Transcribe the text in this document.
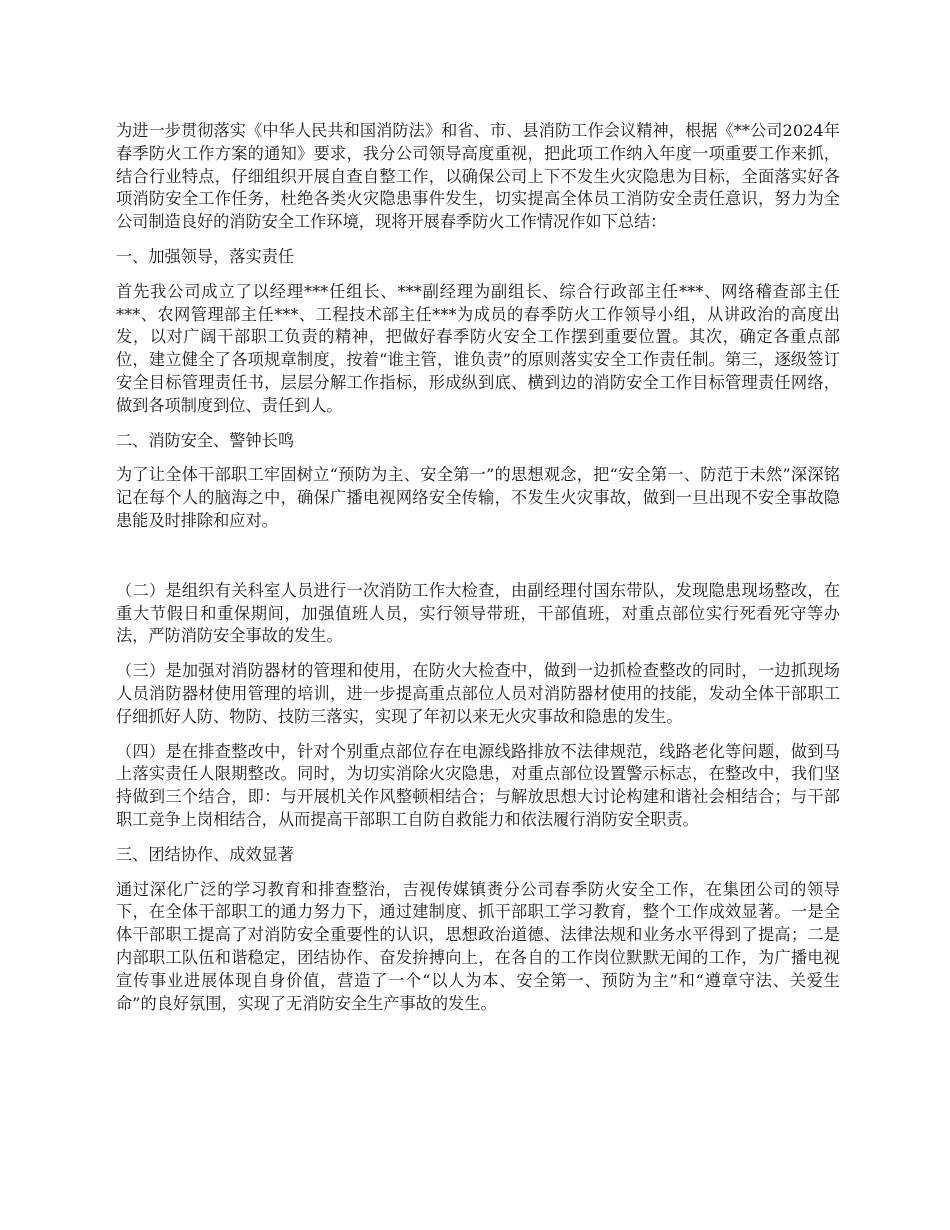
为进一步贯彻落实《中华人民共和国消防法》和省、市、县消防工作会议精神，根据《**公司2024年春季防火工作方案的通知》要求，我分公司领导高度重视，把此项工作纳入年度一项重要工作来抓，结合行业特点，仔细组织开展自查自整工作，以确保公司上下不发生火灾隐患为目标，全面落实好各项消防安全工作任务，杜绝各类火灾隐患事件发生，切实提高全体员工消防安全责任意识，努力为全公司制造良好的消防安全工作环境，现将开展春季防火工作情况作如下总结：

一、加强领导，落实责任

首先我公司成立了以经理***任组长、***副经理为副组长、综合行政部主任***、网络稽查部主任***、农网管理部主任***、工程技术部主任***为成员的春季防火工作领导小组，从讲政治的高度出发，以对广阔干部职工负责的精神，把做好春季防火安全工作摆到重要位置。其次，确定各重点部位，建立健全了各项规章制度，按着“谁主管，谁负责”的原则落实安全工作责任制。第三，逐级签订安全目标管理责任书，层层分解工作指标，形成纵到底、横到边的消防安全工作目标管理责任网络，做到各项制度到位、责任到人。

二、消防安全、警钟长鸣

为了让全体干部职工牢固树立“预防为主、安全第一”的思想观念，把“安全第一、防范于未然”深深铭记在每个人的脑海之中，确保广播电视网络安全传输，不发生火灾事故，做到一旦出现不安全事故隐患能及时排除和应对。

（二）是组织有关科室人员进行一次消防工作大检查，由副经理付国东带队，发现隐患现场整改，在重大节假日和重保期间，加强值班人员，实行领导带班，干部值班，对重点部位实行死看死守等办法，严防消防安全事故的发生。

（三）是加强对消防器材的管理和使用，在防火大检查中，做到一边抓检查整改的同时，一边抓现场人员消防器材使用管理的培训，进一步提高重点部位人员对消防器材使用的技能，发动全体干部职工仔细抓好人防、物防、技防三落实，实现了年初以来无火灾事故和隐患的发生。

（四）是在排查整改中，针对个别重点部位存在电源线路排放不法律规范，线路老化等问题，做到马上落实责任人限期整改。同时，为切实消除火灾隐患，对重点部位设置警示标志，在整改中，我们坚持做到三个结合，即：与开展机关作风整顿相结合；与解放思想大讨论构建和谐社会相结合；与干部职工竞争上岗相结合，从而提高干部职工自防自救能力和依法履行消防安全职责。

三、团结协作、成效显著

通过深化广泛的学习教育和排查整治，吉视传媒镇赉分公司春季防火安全工作，在集团公司的领导下，在全体干部职工的通力努力下，通过建制度、抓干部职工学习教育，整个工作成效显著。一是全体干部职工提高了对消防安全重要性的认识，思想政治道德、法律法规和业务水平得到了提高；二是内部职工队伍和谐稳定，团结协作、奋发拚搏向上，在各自的工作岗位默默无闻的工作，为广播电视宣传事业进展体现自身价值，营造了一个“以人为本、安全第一、预防为主”和“遵章守法、关爱生命”的良好氛围，实现了无消防安全生产事故的发生。
